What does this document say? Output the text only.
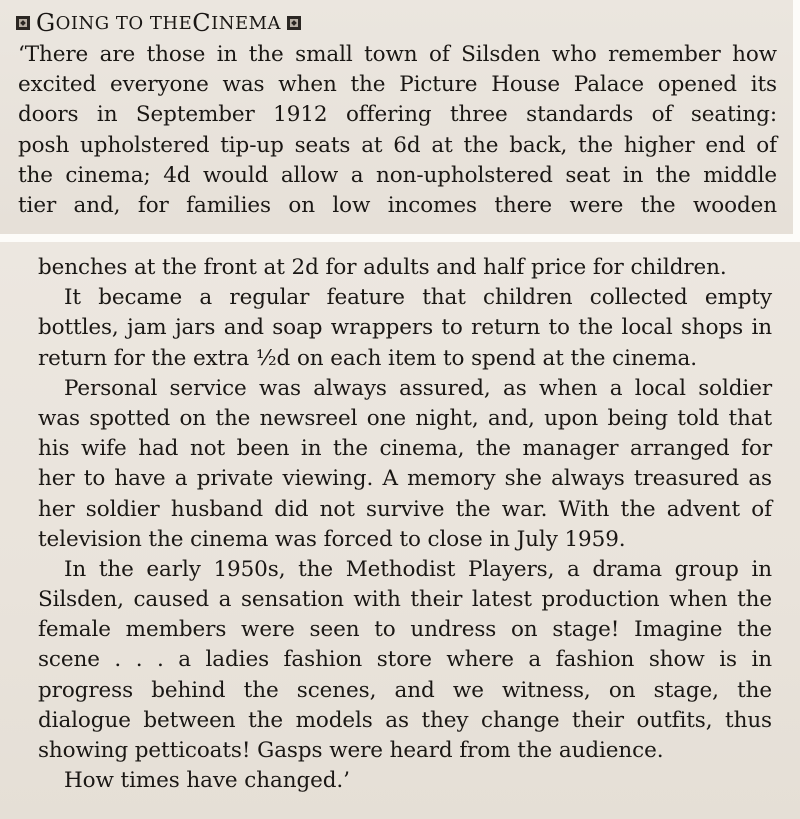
G OING TO THE C INEMA
‘There are those in the small town of Silsden who remember how
excited everyone was when the Picture House Palace opened its
doors in September 1912 offering three standards of seating:
posh upholstered tip-up seats at 6d at the back, the higher end of
the cinema; 4d would allow a non-upholstered seat in the middle
tier and, for families on low incomes there were the wooden
benches at the front at 2d for adults and half price for children.
It became a regular feature that children collected empty
bottles, jam jars and soap wrappers to return to the local shops in
return for the extra ½d on each item to spend at the cinema.
Personal service was always assured, as when a local soldier
was spotted on the newsreel one night, and, upon being told that
his wife had not been in the cinema, the manager arranged for
her to have a private viewing. A memory she always treasured as
her soldier husband did not survive the war. With the advent of
television the cinema was forced to close in July 1959.
In the early 1950s, the Methodist Players, a drama group in
Silsden, caused a sensation with their latest production when the
female members were seen to undress on stage! Imagine the
scene . . . a ladies fashion store where a fashion show is in
progress behind the scenes, and we witness, on stage, the
dialogue between the models as they change their outfits, thus
showing petticoats! Gasps were heard from the audience.
How times have changed.’
